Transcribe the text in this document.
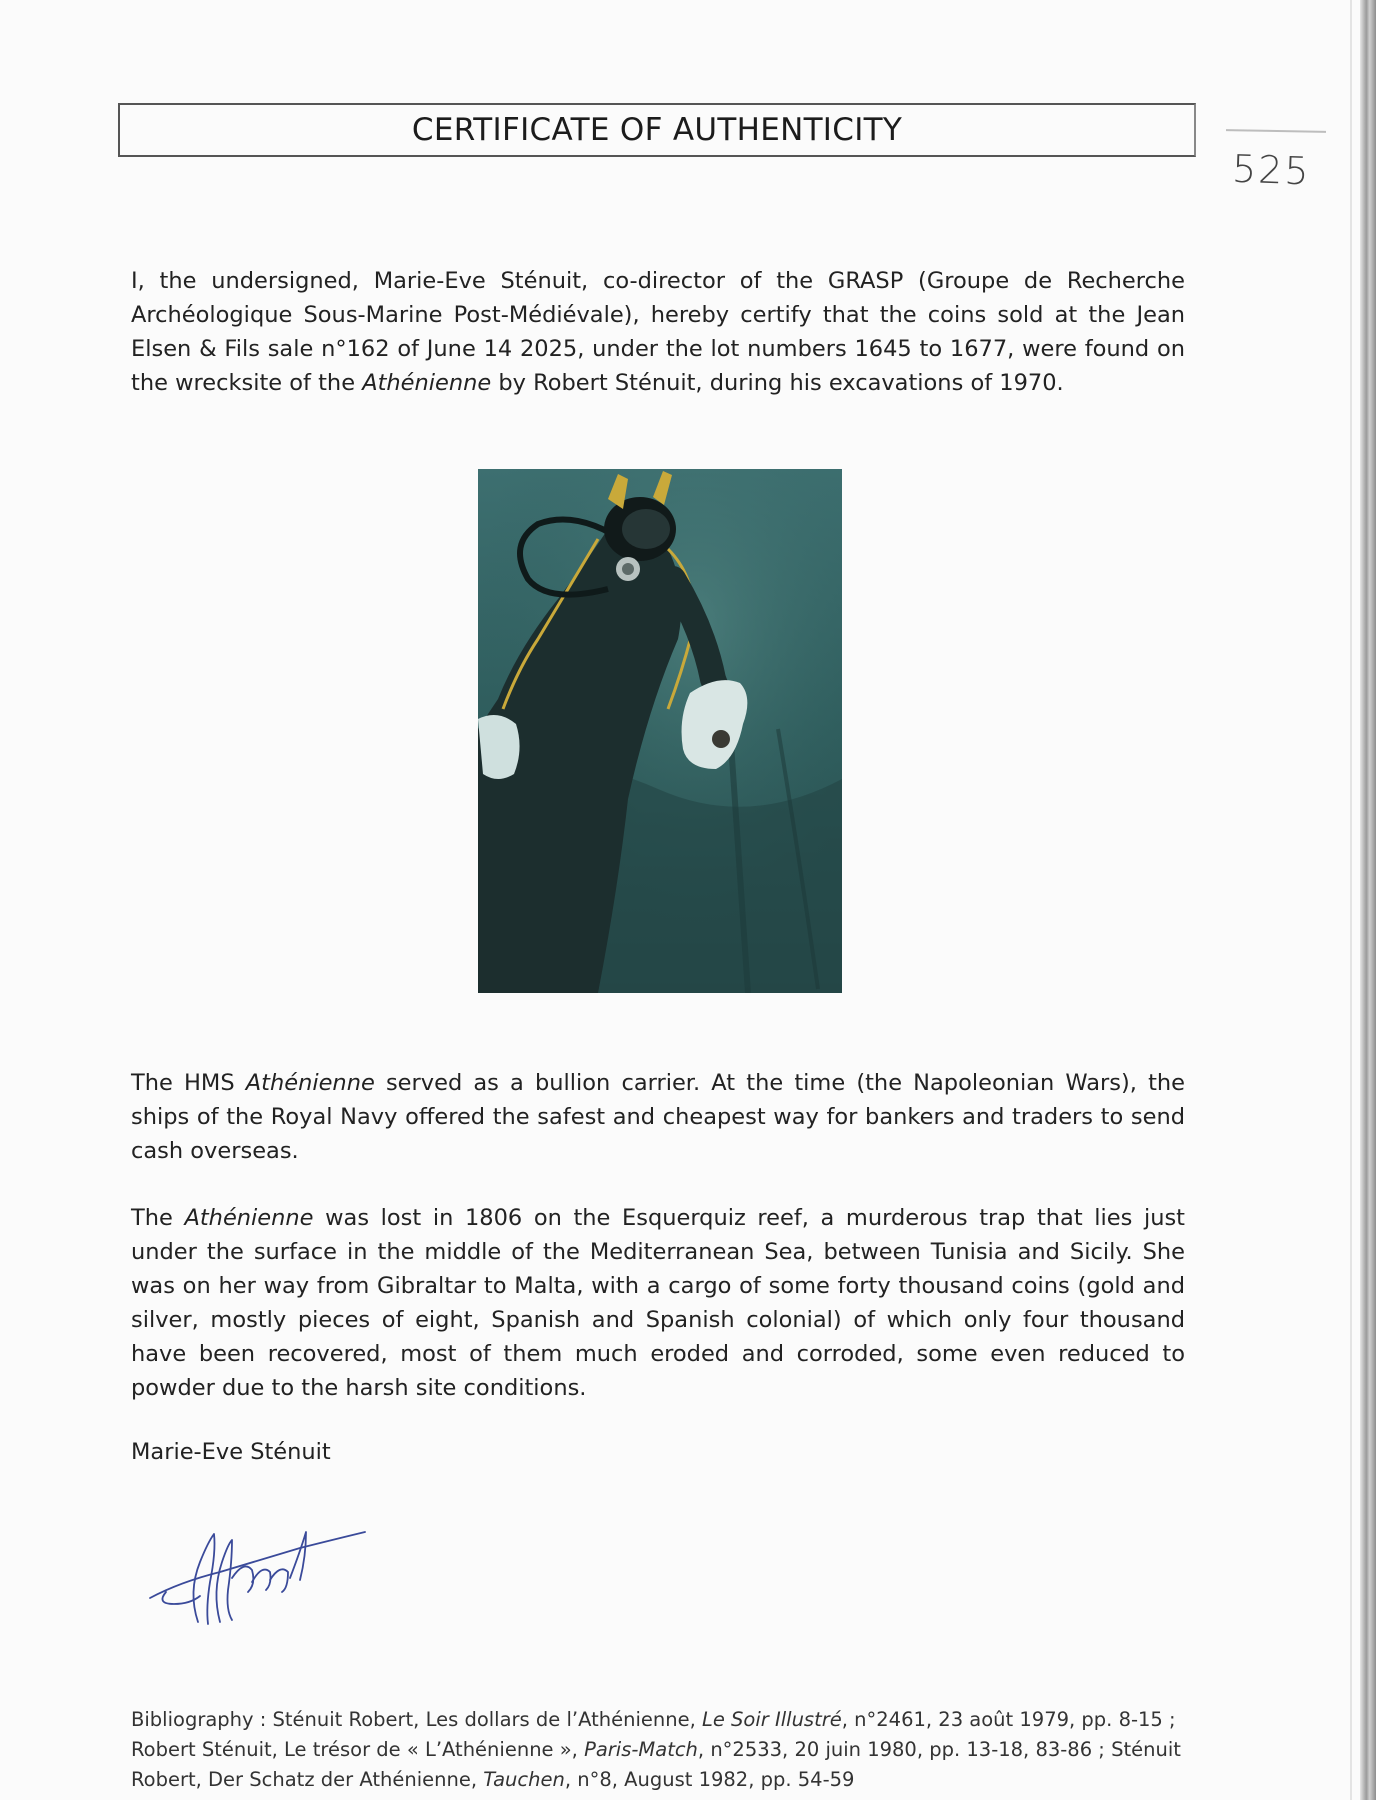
CERTIFICATE OF AUTHENTICITY
525

I, the undersigned, Marie-Eve Sténuit, co-director of the GRASP (Groupe de Recherche Archéologique Sous-Marine Post-Médiévale), hereby certify that the coins sold at the Jean Elsen & Fils sale n°162 of June 14 2025, under the lot numbers 1645 to 1677, were found on the wrecksite of the Athénienne by Robert Sténuit, during his excavations of 1970.

The HMS Athénienne served as a bullion carrier. At the time (the Napoleonian Wars), the ships of the Royal Navy offered the safest and cheapest way for bankers and traders to send cash overseas.

The Athénienne was lost in 1806 on the Esquerquiz reef, a murderous trap that lies just under the surface in the middle of the Mediterranean Sea, between Tunisia and Sicily. She was on her way from Gibraltar to Malta, with a cargo of some forty thousand coins (gold and silver, mostly pieces of eight, Spanish and Spanish colonial) of which only four thousand have been recovered, most of them much eroded and corroded, some even reduced to powder due to the harsh site conditions.

Marie-Eve Sténuit

Bibliography : Sténuit Robert, Les dollars de l’Athénienne, Le Soir Illustré, n°2461, 23 août 1979, pp. 8-15 ; Robert Sténuit, Le trésor de « L’Athénienne », Paris-Match, n°2533, 20 juin 1980, pp. 13-18, 83-86 ; Sténuit Robert, Der Schatz der Athénienne, Tauchen, n°8, August 1982, pp. 54-59
